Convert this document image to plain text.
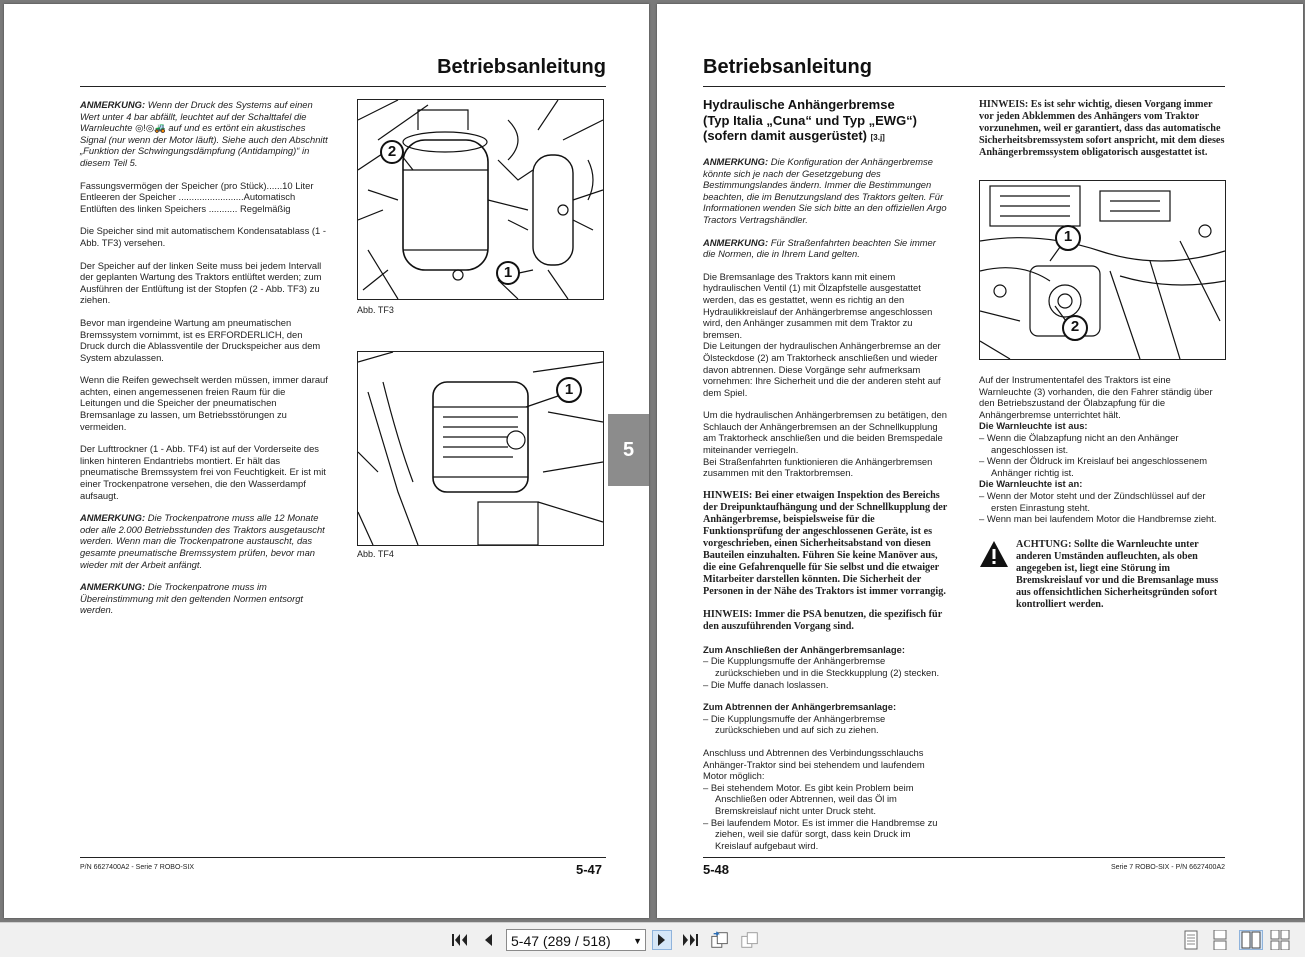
Betriebsanleitung

ANMERKUNG: Wenn der Druck des Systems auf einen Wert unter 4 bar abfällt, leuchtet auf der Schalttafel die Warnleuchte ◎!◎🚜 auf und es ertönt ein akustisches Signal (nur wenn der Motor läuft). Siehe auch den Abschnitt „Funktion der Schwingungsdämpfung (Antidamping)“ in diesem Teil 5.

Fassungsvermögen der Speicher (pro Stück)......10 Liter
Entleeren der Speicher .........................Automatisch
Entlüften des linken Speichers ........... Regelmäßig

Die Speicher sind mit automatischem Kondensatablass (1 - Abb. TF3) versehen.

Der Speicher auf der linken Seite muss bei jedem Intervall der geplanten Wartung des Traktors entlüftet werden; zum Ausführen der Entlüftung ist der Stopfen (2 - Abb. TF3) zu ziehen.

Bevor man irgendeine Wartung am pneumatischen Bremssystem vornimmt, ist es ERFORDERLICH, den Druck durch die Ablassventile der Druckspeicher aus dem System abzulassen.

Wenn die Reifen gewechselt werden müssen, immer darauf achten, einen angemessenen freien Raum für die Leitungen und die Speicher der pneumatischen Bremsanlage zu lassen, um Betriebsstörungen zu vermeiden.

Der Lufttrockner (1 - Abb. TF4) ist auf der Vorderseite des linken hinteren Endantriebs montiert. Er hält das pneumatische Bremssystem frei von Feuchtigkeit. Er ist mit einer Trockenpatrone versehen, die den Wasserdampf aufsaugt.

ANMERKUNG: Die Trockenpatrone muss alle 12 Monate oder alle 2.000 Betriebsstunden des Traktors ausgetauscht werden. Wenn man die Trockenpatrone austauscht, das gesamte pneumatische Bremssystem prüfen, bevor man wieder mit der Arbeit anfängt.

ANMERKUNG: Die Trockenpatrone muss im Übereinstimmung mit den geltenden Normen entsorgt werden.

2
1
Abb. TF3
1
Abb. TF4
P/N 6627400A2 - Serie 7 ROBO-SIX	5-47
5
Betriebsanleitung
Hydraulische Anhängerbremse
(Typ Italia „Cuna“ und Typ „EWG“)
(sofern damit ausgerüstet) [3.j]

ANMERKUNG: Die Konfiguration der Anhängerbremse könnte sich je nach der Gesetzgebung des Bestimmungslandes ändern. Immer die Bestimmungen beachten, die im Benutzungsland des Traktors gelten. Für Informationen wenden Sie sich bitte an den offiziellen Argo Tractors Vertragshändler.

ANMERKUNG: Für Straßenfahrten beachten Sie immer die Normen, die in Ihrem Land gelten.

Die Bremsanlage des Traktors kann mit einem hydraulischen Ventil (1) mit Ölzapfstelle ausgestattet werden, das es gestattet, wenn es richtig an den Hydraulikkreislauf der Anhängerbremse angeschlossen wird, den Anhänger zusammen mit dem Traktor zu bremsen.

Die Leitungen der hydraulischen Anhängerbremse an der Ölsteckdose (2) am Traktorheck anschließen und wieder davon abtrennen. Diese Vorgänge sehr aufmerksam vornehmen: Ihre Sicherheit und die der anderen steht auf dem Spiel.

Um die hydraulischen Anhängerbremsen zu betätigen, den Schlauch der Anhängerbremsen an der Schnellkupplung am Traktorheck anschließen und die beiden Bremspedale miteinander verriegeln.

Bei Straßenfahrten funktionieren die Anhängerbremsen zusammen mit den Traktorbremsen.

HINWEIS: Bei einer etwaigen Inspektion des Bereichs der Dreipunktaufhängung und der Schnellkupplung der Anhängerbremse, beispielsweise für die Funktionsprüfung der angeschlossenen Geräte, ist es vorgeschrieben, einen Sicherheitsabstand von diesen Bauteilen einzuhalten. Führen Sie keine Manöver aus, die eine Gefahrenquelle für Sie selbst und die etwaiger Mitarbeiter darstellen könnten. Die Sicherheit der Personen in der Nähe des Traktors ist immer vorrangig.

HINWEIS: Immer die PSA benutzen, die spezifisch für den auszuführenden Vorgang sind.

Zum Anschließen der Anhängerbremsanlage:
– Die Kupplungsmuffe der Anhängerbremse zurückschieben und in die Steckkupplung (2) stecken.

– Die Muffe danach loslassen.

Zum Abtrennen der Anhängerbremsanlage:

– Die Kupplungsmuffe der Anhängerbremse zurückschieben und auf sich zu ziehen.

Anschluss und Abtrennen des Verbindungsschlauchs Anhänger-Traktor sind bei stehendem und laufendem Motor möglich:
– Bei stehendem Motor. Es gibt kein Problem beim Anschließen oder Abtrennen, weil das Öl im Bremskreislauf nicht unter Druck steht.
– Bei laufendem Motor. Es ist immer die Handbremse zu ziehen, weil sie dafür sorgt, dass kein Druck im Kreislauf aufgebaut wird.

HINWEIS: Es ist sehr wichtig, diesen Vorgang immer vor jeden Abklemmen des Anhängers vom Traktor vorzunehmen, weil er garantiert, dass das automatische Sicherheitsbremssystem sofort anspricht, mit dem dieses Anhängerbremssystem obligatorisch ausgestattet ist.

1
2
Auf der Instrumententafel des Traktors ist eine Warnleuchte (3) vorhanden, die den Fahrer ständig über den Betriebszustand der Ölabzapfung für die Anhängerbremse unterrichtet hält.
Die Warnleuchte ist aus:
– Wenn die Ölabzapfung nicht an den Anhänger angeschlossen ist.
– Wenn der Öldruck im Kreislauf bei angeschlossenem Anhänger richtig ist.
Die Warnleuchte ist an:
– Wenn der Motor steht und der Zündschlüssel auf der ersten Einrastung steht.
– Wenn man bei laufendem Motor die Handbremse zieht.
ACHTUNG: Sollte die Warnleuchte unter anderen Umständen aufleuchten, als oben angegeben ist, liegt eine Störung im Bremskreislauf vor und die Bremsanlage muss aus offensichtlichen Sicherheitsgründen sofort kontrolliert werden.
5-48	Serie 7 ROBO-SIX - P/N 6627400A2
5-47 (289 / 518) ▼
